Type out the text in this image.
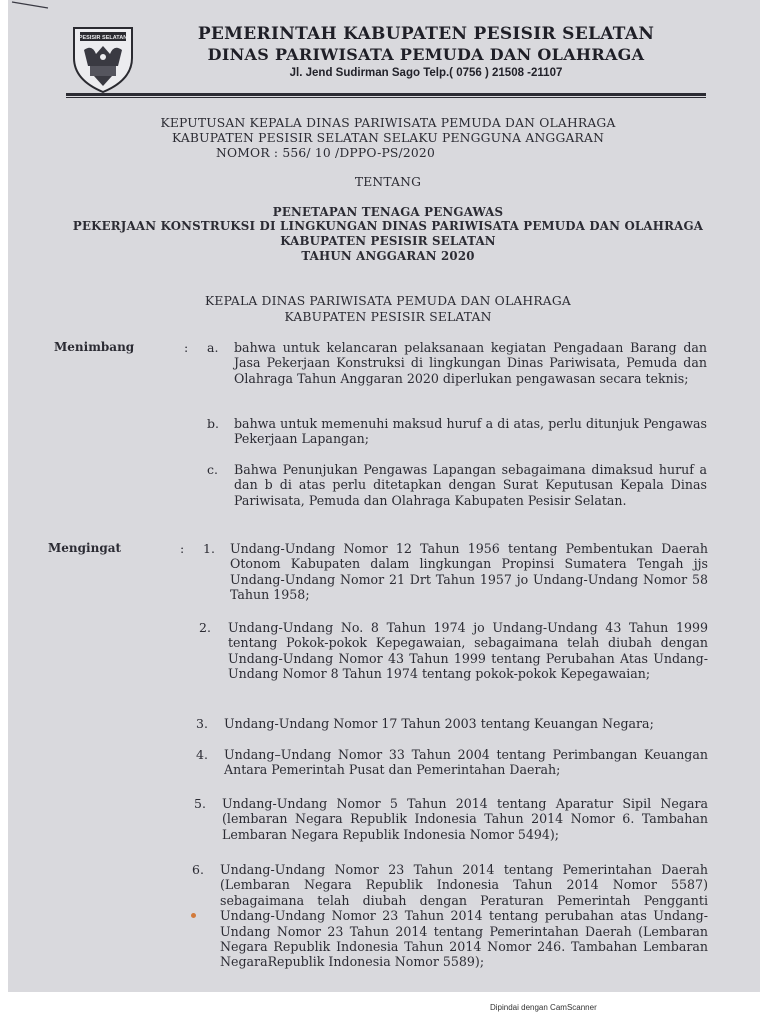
PESISIR SELATAN	PEMERINTAH KABUPATEN PESISIR SELATAN
DINAS PARIWISATA PEMUDA DAN OLAHRAGA
Jl. Jend Sudirman Sago Telp.( 0756 ) 21508 -21107
KEPUTUSAN KEPALA DINAS PARIWISATA PEMUDA DAN OLAHRAGA
KABUPATEN PESISIR SELATAN SELAKU PENGGUNA ANGGARAN
NOMOR : 556/ 10 /DPPO-PS/2020
TENTANG
PENETAPAN TENAGA PENGAWAS
PEKERJAAN KONSTRUKSI DI LINGKUNGAN DINAS PARIWISATA PEMUDA DAN OLAHRAGA
KABUPATEN PESISIR SELATAN
TAHUN ANGGARAN 2020
KEPALA DINAS PARIWISATA PEMUDA DAN OLAHRAGA
KABUPATEN PESISIR SELATAN
Menimbang	: a. bahwa untuk kelancaran pelaksanaan kegiatan Pengadaan Barang dan Jasa Pekerjaan Konstruksi di lingkungan Dinas Pariwisata, Pemuda dan Olahraga Tahun Anggaran 2020 diperlukan pengawasan secara teknis;
b. bahwa untuk memenuhi maksud huruf a di atas, perlu ditunjuk Pengawas Pekerjaan Lapangan;
c. Bahwa Penunjukan Pengawas Lapangan sebagaimana dimaksud huruf a dan b di atas perlu ditetapkan dengan Surat Keputusan Kepala Dinas Pariwisata, Pemuda dan Olahraga Kabupaten Pesisir Selatan.
Mengingat	: 1. Undang-Undang Nomor 12 Tahun 1956 tentang Pembentukan Daerah Otonom Kabupaten dalam lingkungan Propinsi Sumatera Tengah jjs Undang-Undang Nomor 21 Drt Tahun 1957 jo Undang-Undang Nomor 58 Tahun 1958;
2. Undang-Undang No. 8 Tahun 1974 jo Undang-Undang 43 Tahun 1999 tentang Pokok-pokok Kepegawaian, sebagaimana telah diubah dengan Undang-Undang Nomor 43 Tahun 1999 tentang Perubahan Atas Undang-Undang Nomor 8 Tahun 1974 tentang pokok-pokok Kepegawaian;
3. Undang-Undang Nomor 17 Tahun 2003 tentang Keuangan Negara;
4. Undang–Undang Nomor 33 Tahun 2004 tentang Perimbangan Keuangan Antara Pemerintah Pusat dan Pemerintahan Daerah;
5. Undang-Undang Nomor 5 Tahun 2014 tentang Aparatur Sipil Negara (lembaran Negara Republik Indonesia Tahun 2014 Nomor 6. Tambahan Lembaran Negara Republik Indonesia Nomor 5494);
6. Undang-Undang Nomor 23 Tahun 2014 tentang Pemerintahan Daerah (Lembaran Negara Republik Indonesia Tahun 2014 Nomor 5587) sebagaimana telah diubah dengan Peraturan Pemerintah Pengganti Undang-Undang Nomor 23 Tahun 2014 tentang perubahan atas Undang-Undang Nomor 23 Tahun 2014 tentang Pemerintahan Daerah (Lembaran Negara Republik Indonesia Tahun 2014 Nomor 246. Tambahan Lembaran NegaraRepublik Indonesia Nomor 5589);
Dipindai dengan CamScanner
